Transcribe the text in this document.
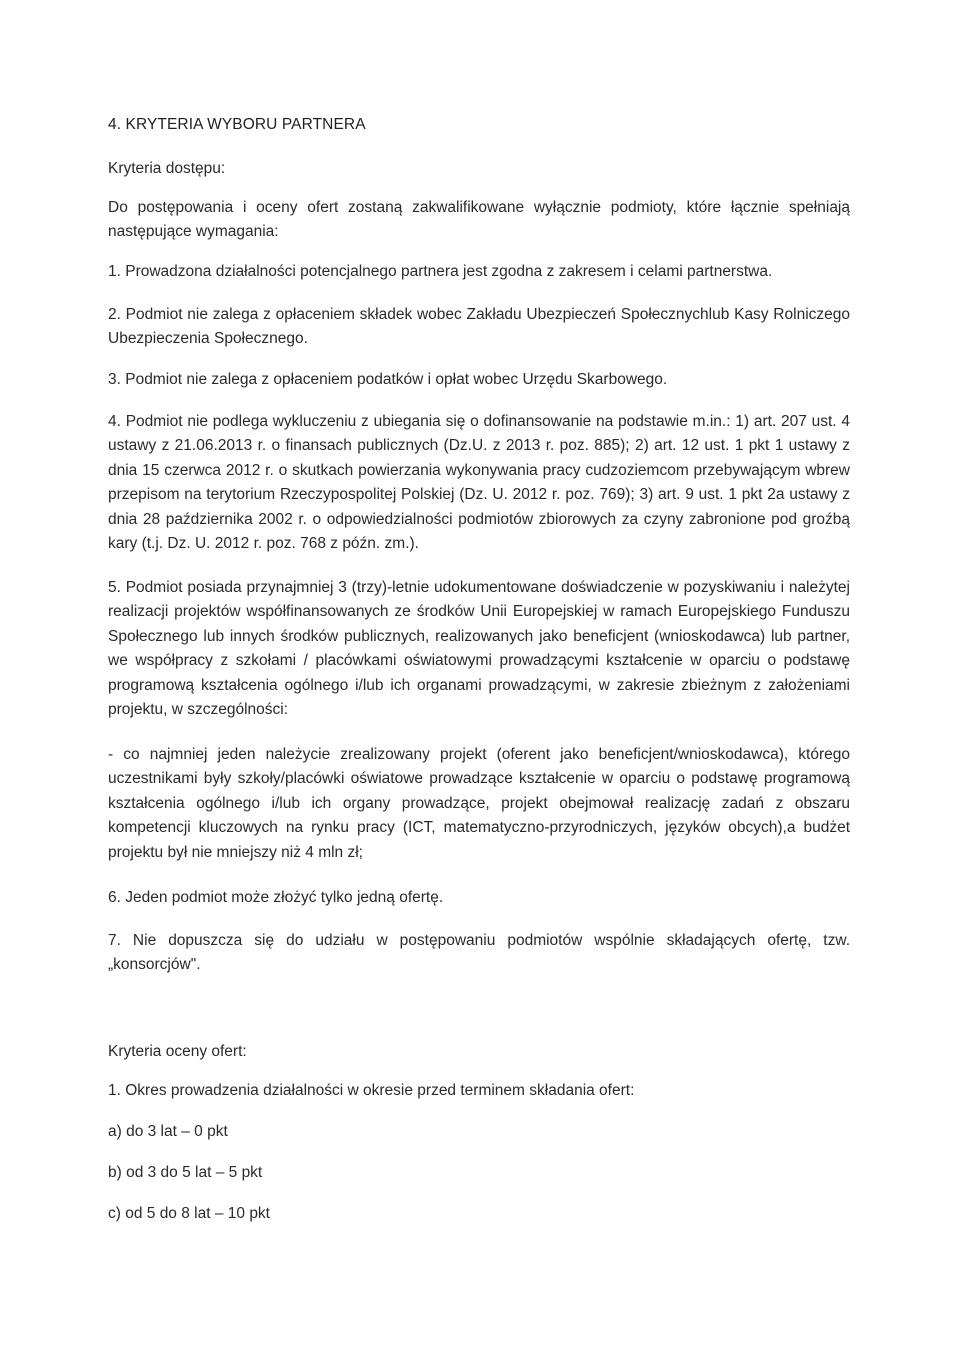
4. KRYTERIA WYBORU PARTNERA

Kryteria dostępu:

Do postępowania i oceny ofert zostaną zakwalifikowane wyłącznie podmioty, które łącznie spełniają następujące wymagania:

1. Prowadzona działalności potencjalnego partnera jest zgodna z zakresem i celami partnerstwa.

2. Podmiot nie zalega z opłaceniem składek wobec Zakładu Ubezpieczeń Społecznychlub Kasy Rolniczego Ubezpieczenia Społecznego.

3. Podmiot nie zalega z opłaceniem podatków i opłat wobec Urzędu Skarbowego.

4. Podmiot nie podlega wykluczeniu z ubiegania się o dofinansowanie na podstawie m.in.: 1) art. 207 ust. 4 ustawy z 21.06.2013 r. o finansach publicznych (Dz.U. z 2013 r. poz. 885); 2) art. 12 ust. 1 pkt 1 ustawy z dnia 15 czerwca 2012 r. o skutkach powierzania wykonywania pracy cudzoziemcom przebywającym wbrew przepisom na terytorium Rzeczypospolitej Polskiej (Dz. U. 2012 r. poz. 769); 3) art. 9 ust. 1 pkt 2a ustawy z dnia 28 października 2002 r. o odpowiedzialności podmiotów zbiorowych za czyny zabronione pod groźbą kary (t.j. Dz. U. 2012 r. poz. 768 z późn. zm.).

5. Podmiot posiada przynajmniej 3 (trzy)-letnie udokumentowane doświadczenie w pozyskiwaniu i należytej realizacji projektów współfinansowanych ze środków Unii Europejskiej w ramach Europejskiego Funduszu Społecznego lub innych środków publicznych, realizowanych jako beneficjent (wnioskodawca) lub partner, we współpracy z szkołami / placówkami oświatowymi prowadzącymi kształcenie w oparciu o podstawę programową kształcenia ogólnego i/lub ich organami prowadzącymi, w zakresie zbieżnym z założeniami projektu, w szczególności:

- co najmniej jeden należycie zrealizowany projekt (oferent jako beneficjent/wnioskodawca), którego uczestnikami były szkoły/placówki oświatowe prowadzące kształcenie w oparciu o podstawę programową kształcenia ogólnego i/lub ich organy prowadzące, projekt obejmował realizację zadań z obszaru kompetencji kluczowych na rynku pracy (ICT, matematyczno-przyrodniczych, języków obcych),a budżet projektu był nie mniejszy niż 4 mln zł;

6. Jeden podmiot może złożyć tylko jedną ofertę.

7. Nie dopuszcza się do udziału w postępowaniu podmiotów wspólnie składających ofertę, tzw. „konsorcjów".

Kryteria oceny ofert:

1. Okres prowadzenia działalności w okresie przed terminem składania ofert:

a) do 3 lat – 0 pkt

b) od 3 do 5 lat – 5 pkt

c) od 5 do 8 lat – 10 pkt
